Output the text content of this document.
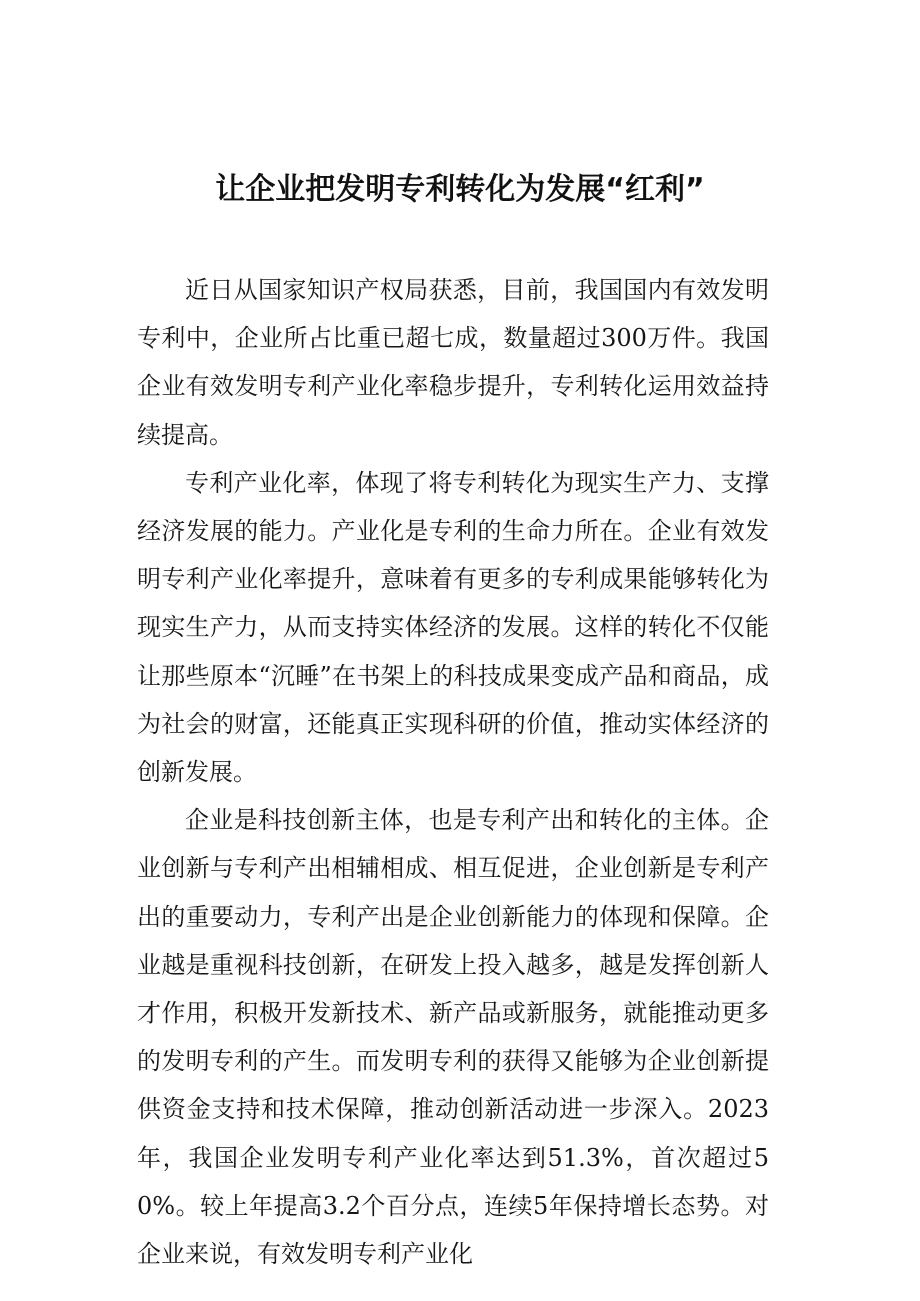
让企业把发明专利转化为发展“红利”

近日从国家知识产权局获悉，目前，我国国内有效发明专利中，企业所占比重已超七成，数量超过300万件。我国企业有效发明专利产业化率稳步提升，专利转化运用效益持续提高。

专利产业化率，体现了将专利转化为现实生产力、支撑经济发展的能力。产业化是专利的生命力所在。企业有效发明专利产业化率提升，意味着有更多的专利成果能够转化为现实生产力，从而支持实体经济的发展。这样的转化不仅能让那些原本“沉睡”在书架上的科技成果变成产品和商品，成为社会的财富，还能真正实现科研的价值，推动实体经济的创新发展。

企业是科技创新主体，也是专利产出和转化的主体。企业创新与专利产出相辅相成、相互促进，企业创新是专利产出的重要动力，专利产出是企业创新能力的体现和保障。企业越是重视科技创新，在研发上投入越多，越是发挥创新人才作用，积极开发新技术、新产品或新服务，就能推动更多的发明专利的产生。而发明专利的获得又能够为企业创新提供资金支持和技术保障，推动创新活动进一步深入。2023年，我国企业发明专利产业化率达到51.3%，首次超过50%。较上年提高3.2个百分点，连续5年保持增长态势。对企业来说，有效发明专利产业化
